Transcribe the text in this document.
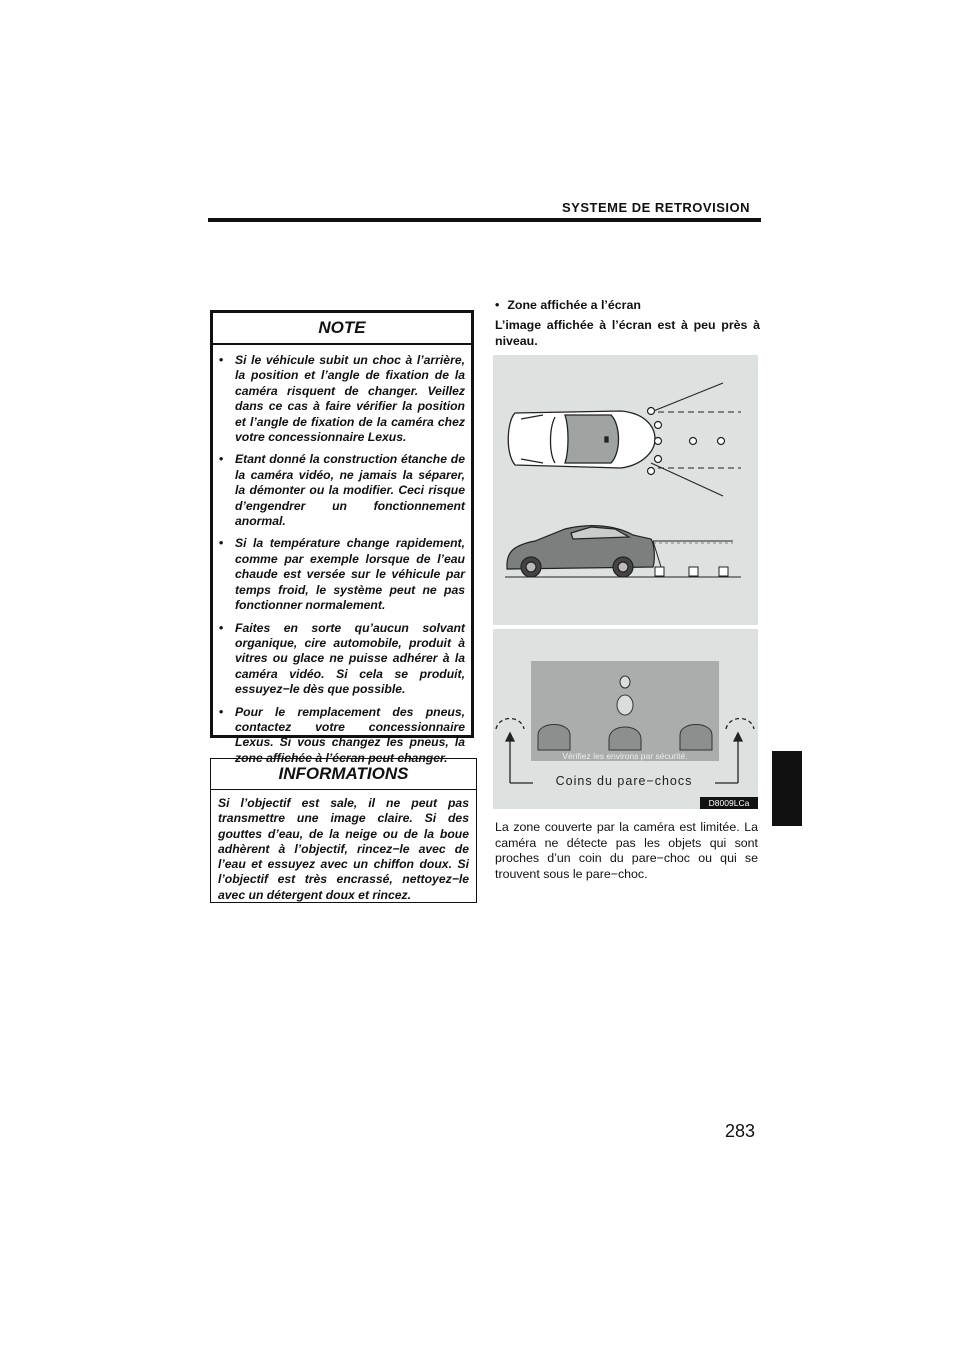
SYSTEME DE RETROVISION
NOTE
• Si le véhicule subit un choc à l’arrière, la position et l’angle de fixation de la caméra risquent de changer. Veillez dans ce cas à faire vérifier la position et l’angle de fixation de la caméra chez votre concessionnaire Lexus.
• Etant donné la construction étanche de la caméra vidéo, ne jamais la séparer, la démonter ou la modifier. Ceci risque d’engendrer un fonctionnement anormal.
• Si la température change rapidement, comme par exemple lorsque de l’eau chaude est versée sur le véhicule par temps froid, le système peut ne pas fonctionner normalement.
• Faites en sorte qu’aucun solvant organique, cire automobile, produit à vitres ou glace ne puisse adhérer à la caméra vidéo. Si cela se produit, essuyez−le dès que possible.
• Pour le remplacement des pneus, contactez votre concessionnaire Lexus. Si vous changez les pneus, la zone affichée à l’écran peut changer.
INFORMATIONS
Si l’objectif est sale, il ne peut pas transmettre une image claire. Si des gouttes d’eau, de la neige ou de la boue adhèrent à l’objectif, rincez−le avec de l’eau et essuyez avec un chiffon doux. Si l’objectif est très encrassé, nettoyez−le avec un détergent doux et rincez.
• Zone affichée a l’écran
L’image affichée à l’écran est à peu près à niveau.
Vérifiez les environs par sécurité.
Coins du pare−chocs
D8009LCa
La zone couverte par la caméra est limitée. La caméra ne détecte pas les objets qui sont proches d’un coin du pare−choc ou qui se trouvent sous le pare−choc.
283
